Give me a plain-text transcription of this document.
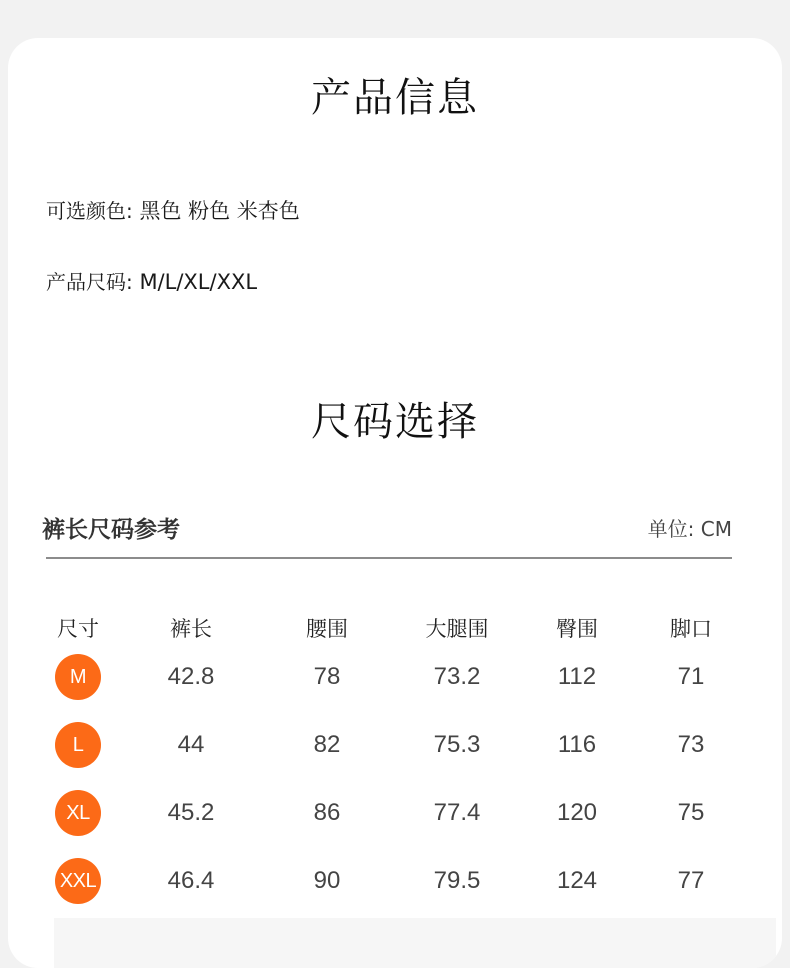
产品信息
可选颜色: 黑色 粉色 米杏色
产品尺码: M/L/XL/XXL
尺码选择
裤长尺码参考	单位: CM
尺寸	裤长	腰围	大腿围	臀围	脚口
M	42.8	78	73.2	112	71
L	44	82	75.3	116	73
XL	45.2	86	77.4	120	75
XXL	46.4	90	79.5	124	77
